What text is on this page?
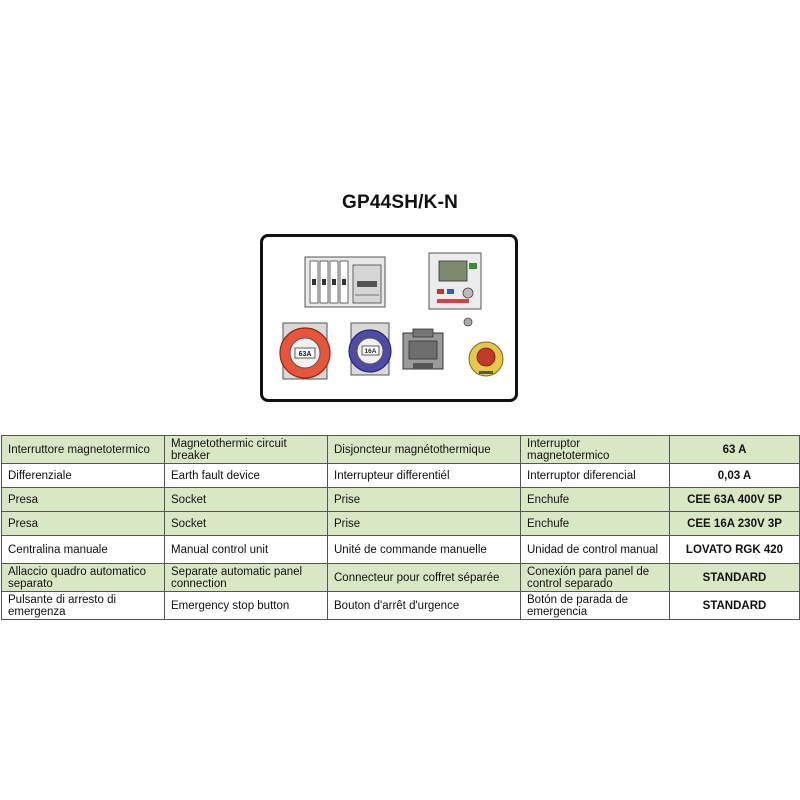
GP44SH/K-N
63A	16A
Interruttore magnetotermico	Magnetothermic circuit breaker	Disjoncteur magnétothermique	Interruptor magnetotermico	63 A
Differenziale	Earth fault device	Interrupteur differentiél	Interruptor diferencial	0,03 A
Presa	Socket	Prise	Enchufe	CEE 63A 400V 5P
Presa	Socket	Prise	Enchufe	CEE 16A 230V 3P
Centralina manuale	Manual control unit	Unité de commande manuelle	Unidad de control manual	LOVATO RGK 420
Allaccio quadro automatico separato	Separate automatic panel connection	Connecteur pour coffret séparée	Conexión para panel de control separado	STANDARD
Pulsante di arresto di emergenza	Emergency stop button	Bouton d'arrêt d'urgence	Botón de parada de emergencia	STANDARD
